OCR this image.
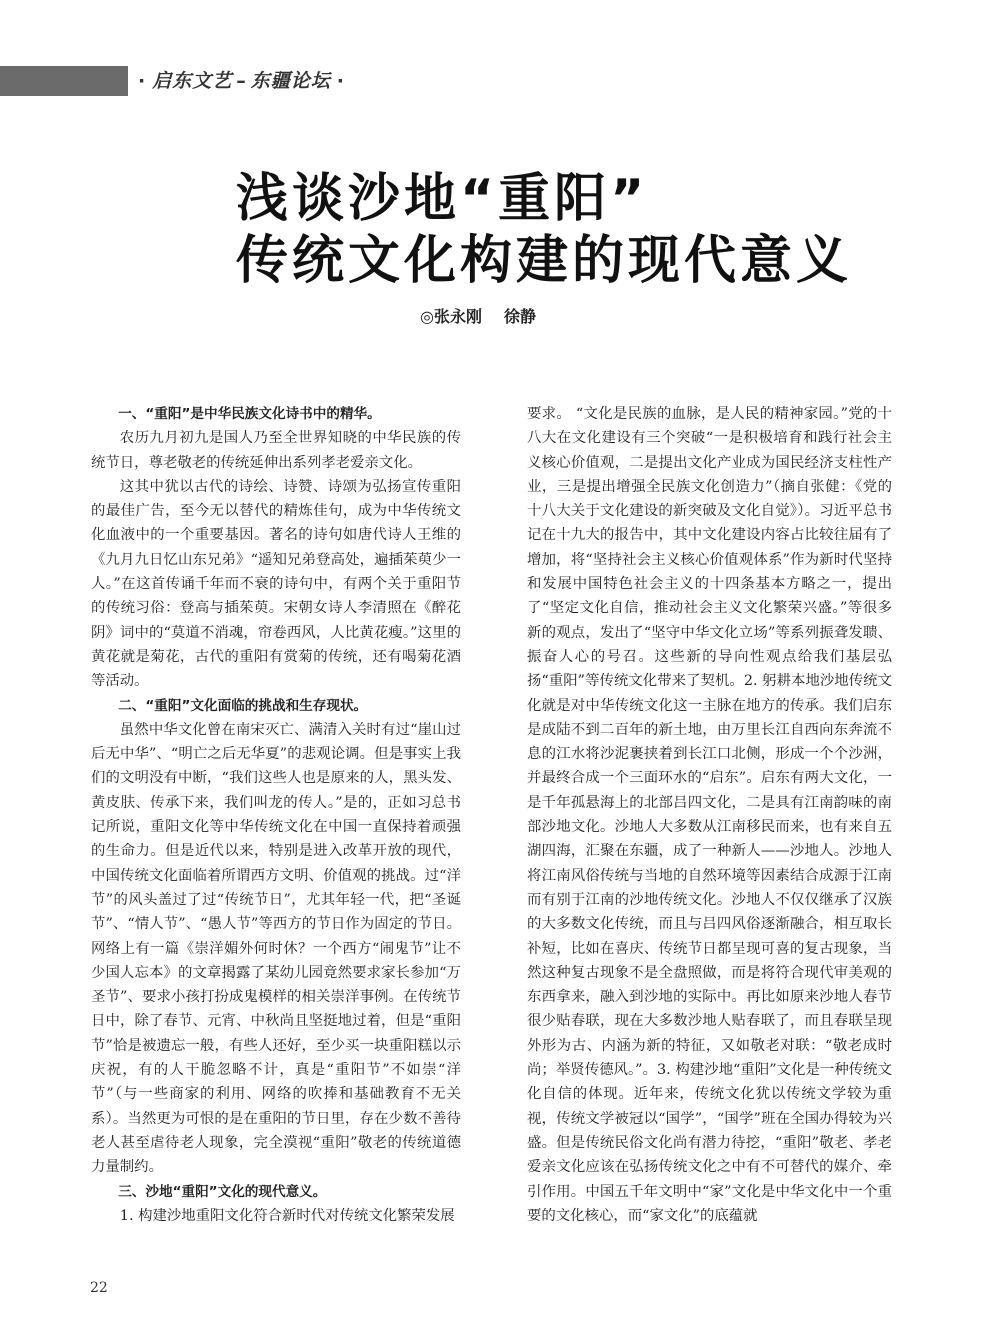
· 启东文艺 – 东疆论坛 ·
浅谈沙地“重阳”
传统文化构建的现代意义
◎张永刚 徐静

一、“重阳”是中华民族文化诗书中的精华。

农历九月初九是国人乃至全世界知晓的中华民族的传统节日，尊老敬老的传统延伸出系列孝老爱亲文化。

这其中犹以古代的诗绘、诗赞、诗颂为弘扬宣传重阳的最佳广告，至今无以替代的精炼佳句，成为中华传统文化血液中的一个重要基因。著名的诗句如唐代诗人王维的《九月九日忆山东兄弟》“遥知兄弟登高处，遍插茱萸少一人。”在这首传诵千年而不衰的诗句中，有两个关于重阳节的传统习俗：登高与插茱萸。宋朝女诗人李清照在《醉花阴》词中的“莫道不消魂，帘卷西风，人比黄花瘦。”这里的黄花就是菊花，古代的重阳有赏菊的传统，还有喝菊花酒等活动。

二、“重阳”文化面临的挑战和生存现状。

虽然中华文化曾在南宋灭亡、满清入关时有过“崖山过后无中华”、“明亡之后无华夏”的悲观论调。但是事实上我们的文明没有中断，“我们这些人也是原来的人，黑头发、黄皮肤、传承下来，我们叫龙的传人。”是的，正如习总书记所说，重阳文化等中华传统文化在中国一直保持着顽强的生命力。但是近代以来，特别是进入改革开放的现代，中国传统文化面临着所谓西方文明、价值观的挑战。过“洋节”的风头盖过了过“传统节日”，尤其年轻一代，把“圣诞节”、“情人节”、“愚人节”等西方的节日作为固定的节日。网络上有一篇《崇洋媚外何时休？一个西方“闹鬼节”让不少国人忘本》的文章揭露了某幼儿园竟然要求家长参加“万圣节”、要求小孩打扮成鬼模样的相关崇洋事例。在传统节日中，除了春节、元宵、中秋尚且坚挺地过着，但是“重阳节”恰是被遗忘一般，有些人还好，至少买一块重阳糕以示庆祝，有的人干脆忽略不计，真是“重阳节”不如崇“洋节”（与一些商家的利用、网络的吹捧和基础教育不无关系）。当然更为可恨的是在重阳的节日里，存在少数不善待老人甚至虐待老人现象，完全漠视“重阳”敬老的传统道德力量制约。

三、沙地“重阳”文化的现代意义。

1. 构建沙地重阳文化符合新时代对传统文化繁荣发展

要求。 “文化是民族的血脉，是人民的精神家园。”党的十八大在文化建设有三个突破“一是积极培育和践行社会主义核心价值观，二是提出文化产业成为国民经济支柱性产业，三是提出增强全民族文化创造力”（摘自张健：《党的十八大关于文化建设的新突破及文化自觉》）。习近平总书记在十九大的报告中，其中文化建设内容占比较往届有了增加，将“坚持社会主义核心价值观体系”作为新时代坚持和发展中国特色社会主义的十四条基本方略之一，提出了“坚定文化自信，推动社会主义文化繁荣兴盛。”等很多新的观点，发出了“坚守中华文化立场”等系列振聋发聩、振奋人心的号召。这些新的导向性观点给我们基层弘扬“重阳”等传统文化带来了契机。2. 躬耕本地沙地传统文化就是对中华传统文化这一主脉在地方的传承。我们启东是成陆不到二百年的新土地，由万里长江自西向东奔流不息的江水将沙泥裹挟着到长江口北侧，形成一个个沙洲，并最终合成一个三面环水的“启东”。启东有两大文化，一是千年孤悬海上的北部吕四文化，二是具有江南韵味的南部沙地文化。沙地人大多数从江南移民而来，也有来自五湖四海，汇聚在东疆，成了一种新人——沙地人。沙地人将江南风俗传统与当地的自然环境等因素结合成源于江南而有别于江南的沙地传统文化。沙地人不仅仅继承了汉族的大多数文化传统，而且与吕四风俗逐渐融合，相互取长补短，比如在喜庆、传统节日都呈现可喜的复古现象，当然这种复古现象不是全盘照做，而是将符合现代审美观的东西拿来，融入到沙地的实际中。再比如原来沙地人春节很少贴春联，现在大多数沙地人贴春联了，而且春联呈现外形为古、内涵为新的特征，又如敬老对联：“敬老成时尚；举贤传德风。”。3. 构建沙地“重阳”文化是一种传统文化自信的体现。近年来，传统文化犹以传统文学较为重视，传统文学被冠以“国学”，“国学”班在全国办得较为兴盛。但是传统民俗文化尚有潜力待挖，“重阳”敬老、孝老爱亲文化应该在弘扬传统文化之中有不可替代的媒介、牵引作用。中国五千年文明中“家”文化是中华文化中一个重要的文化核心，而“家文化”的底蕴就

22
